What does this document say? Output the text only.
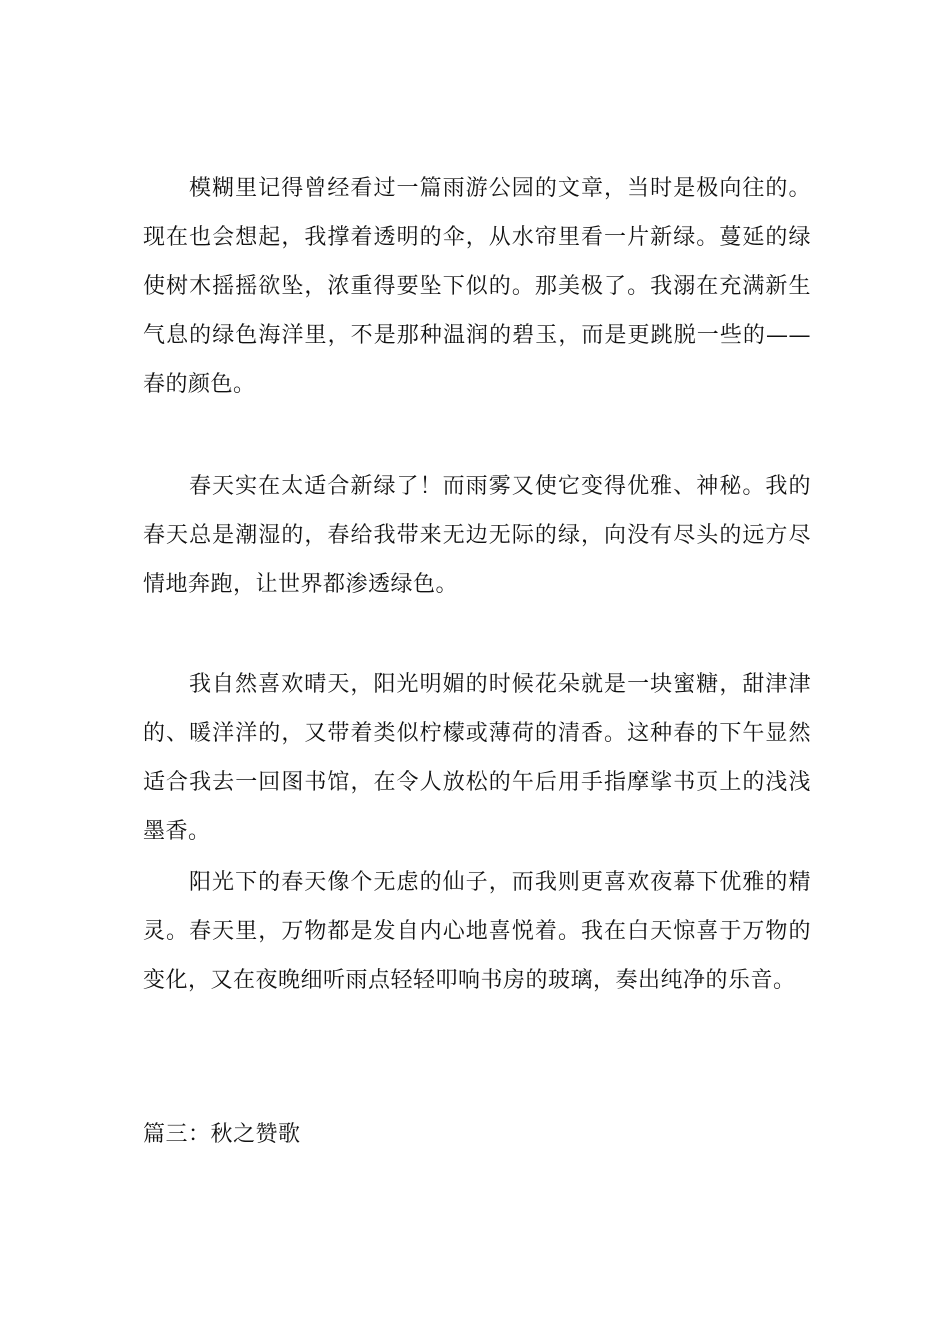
模糊里记得曾经看过一篇雨游公园的文章，当时是极向往的。现在也会想起，我撑着透明的伞，从水帘里看一片新绿。蔓延的绿使树木摇摇欲坠，浓重得要坠下似的。那美极了。我溺在充满新生气息的绿色海洋里，不是那种温润的碧玉，而是更跳脱一些的——春的颜色。

春天实在太适合新绿了！而雨雾又使它变得优雅、神秘。我的春天总是潮湿的，春给我带来无边无际的绿，向没有尽头的远方尽情地奔跑，让世界都渗透绿色。

我自然喜欢晴天，阳光明媚的时候花朵就是一块蜜糖，甜津津的、暖洋洋的，又带着类似柠檬或薄荷的清香。这种春的下午显然适合我去一回图书馆，在令人放松的午后用手指摩挲书页上的浅浅墨香。

阳光下的春天像个无虑的仙子，而我则更喜欢夜幕下优雅的精灵。春天里，万物都是发自内心地喜悦着。我在白天惊喜于万物的变化，又在夜晚细听雨点轻轻叩响书房的玻璃，奏出纯净的乐音。

篇三：秋之赞歌
